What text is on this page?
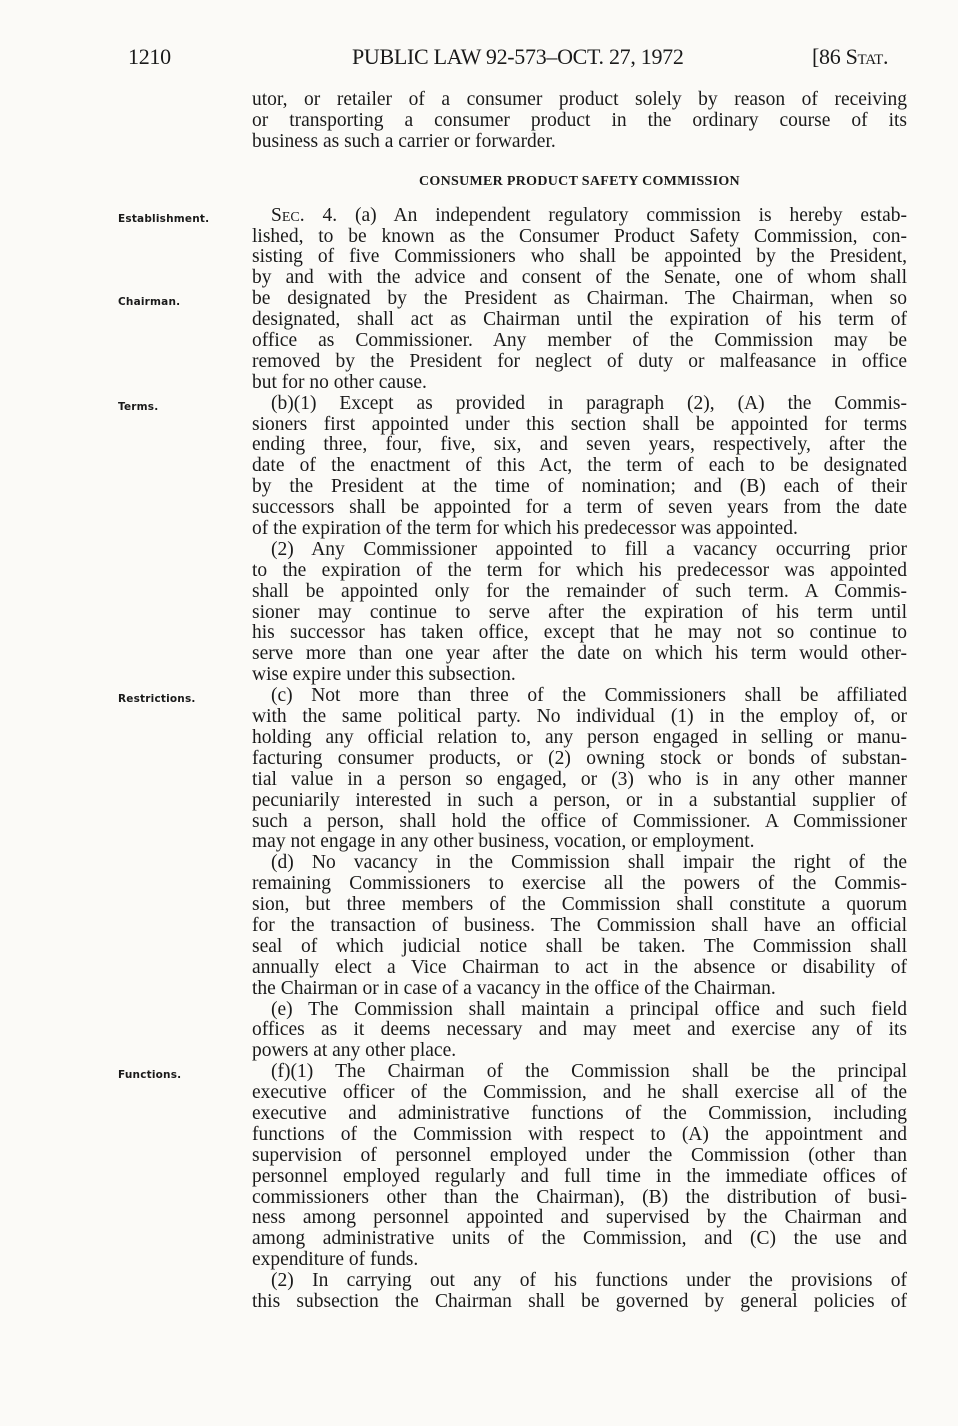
1210	PUBLIC LAW 92-573–OCT. 27, 1972	[86 Stat.
utor, or retailer of a consumer product solely by reason of receiving
or transporting a consumer product in the ordinary course of its
business as such a carrier or forwarder.
CONSUMER PRODUCT SAFETY COMMISSION
Sec. 4. (a) An independent regulatory commission is hereby estab-
Establishment.
lished, to be known as the Consumer Product Safety Commission, con-
sisting of five Commissioners who shall be appointed by the President,
by and with the advice and consent of the Senate, one of whom shall
be designated by the President as Chairman. The Chairman, when so
Chairman.
designated, shall act as Chairman until the expiration of his term of
office as Commissioner. Any member of the Commission may be
removed by the President for neglect of duty or malfeasance in office
but for no other cause.
(b)(1) Except as provided in paragraph (2), (A) the Commis-
Terms.
sioners first appointed under this section shall be appointed for terms
ending three, four, five, six, and seven years, respectively, after the
date of the enactment of this Act, the term of each to be designated
by the President at the time of nomination; and (B) each of their
successors shall be appointed for a term of seven years from the date
of the expiration of the term for which his predecessor was appointed.
(2) Any Commissioner appointed to fill a vacancy occurring prior
to the expiration of the term for which his predecessor was appointed
shall be appointed only for the remainder of such term. A Commis-
sioner may continue to serve after the expiration of his term until
his successor has taken office, except that he may not so continue to
serve more than one year after the date on which his term would other-
wise expire under this subsection.
(c) Not more than three of the Commissioners shall be affiliated
Restrictions.
with the same political party. No individual (1) in the employ of, or
holding any official relation to, any person engaged in selling or manu-
facturing consumer products, or (2) owning stock or bonds of substan-
tial value in a person so engaged, or (3) who is in any other manner
pecuniarily interested in such a person, or in a substantial supplier of
such a person, shall hold the office of Commissioner. A Commissioner
may not engage in any other business, vocation, or employment.
(d) No vacancy in the Commission shall impair the right of the
remaining Commissioners to exercise all the powers of the Commis-
sion, but three members of the Commission shall constitute a quorum
for the transaction of business. The Commission shall have an official
seal of which judicial notice shall be taken. The Commission shall
annually elect a Vice Chairman to act in the absence or disability of
the Chairman or in case of a vacancy in the office of the Chairman.
(e) The Commission shall maintain a principal office and such field
offices as it deems necessary and may meet and exercise any of its
powers at any other place.
(f)(1) The Chairman of the Commission shall be the principal
Functions.
executive officer of the Commission, and he shall exercise all of the
executive and administrative functions of the Commission, including
functions of the Commission with respect to (A) the appointment and
supervision of personnel employed under the Commission (other than
personnel employed regularly and full time in the immediate offices of
commissioners other than the Chairman), (B) the distribution of busi-
ness among personnel appointed and supervised by the Chairman and
among administrative units of the Commission, and (C) the use and
expenditure of funds.
(2) In carrying out any of his functions under the provisions of
this subsection the Chairman shall be governed by general policies of
